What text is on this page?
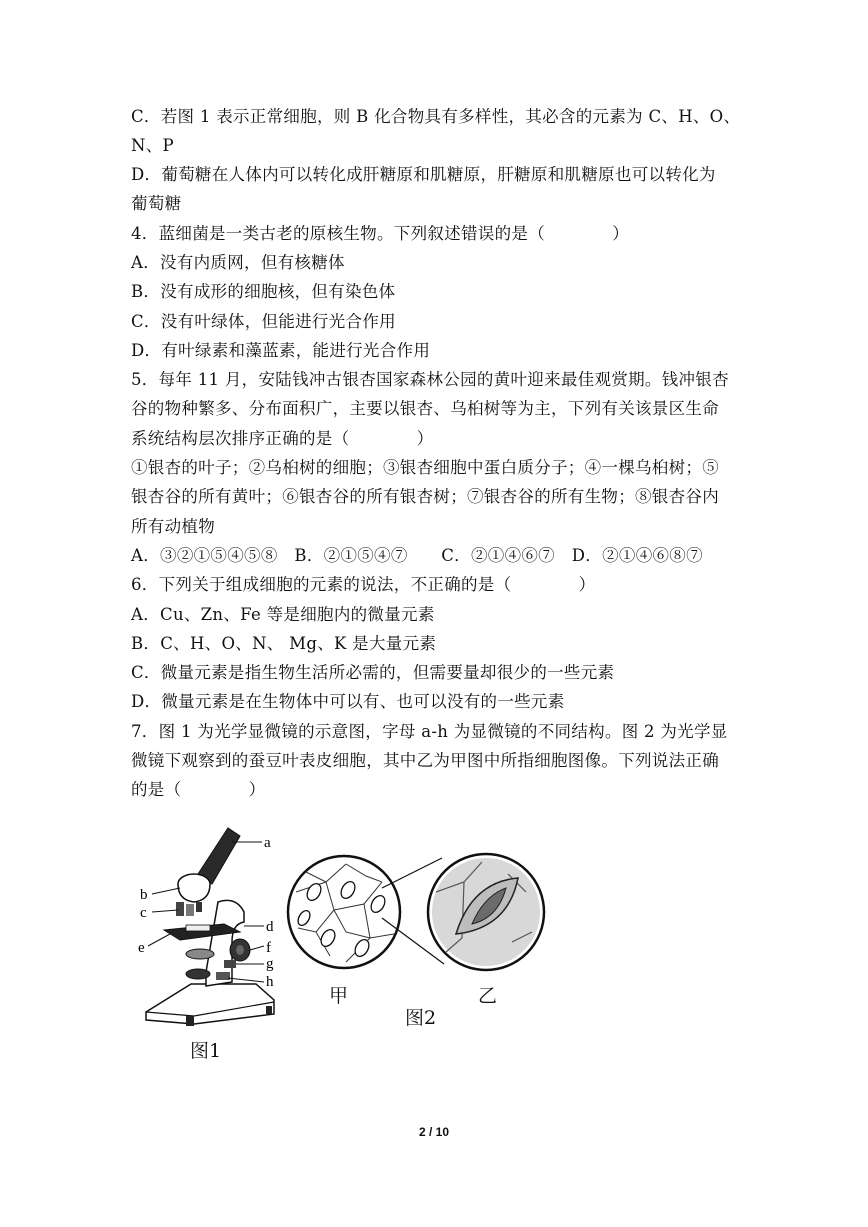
C．若图 1 表示正常细胞，则 B 化合物具有多样性，其必含的元素为 C、H、O、
N、P
D．葡萄糖在人体内可以转化成肝糖原和肌糖原，肝糖原和肌糖原也可以转化为
葡萄糖
4．蓝细菌是一类古老的原核生物。下列叙述错误的是（　　　　）
A．没有内质网，但有核糖体
B．没有成形的细胞核，但有染色体
C．没有叶绿体，但能进行光合作用
D．有叶绿素和藻蓝素，能进行光合作用
5．每年 11 月，安陆钱冲古银杏国家森林公园的黄叶迎来最佳观赏期。钱冲银杏
谷的物种繁多、分布面积广，主要以银杏、乌桕树等为主，下列有关该景区生命
系统结构层次排序正确的是（　　　　）
①银杏的叶子；②乌桕树的细胞；③银杏细胞中蛋白质分子；④一棵乌桕树；⑤
银杏谷的所有黄叶；⑥银杏谷的所有银杏树；⑦银杏谷的所有生物；⑧银杏谷内
所有动植物
A．③②①⑤④⑤⑧　B．②①⑤④⑦　　C．②①④⑥⑦　D．②①④⑥⑧⑦
6．下列关于组成细胞的元素的说法，不正确的是（　　　　）
A．Cu、Zn、Fe 等是细胞内的微量元素
B．C、H、O、N、 Mg、K 是大量元素
C．微量元素是指生物生活所必需的，但需要量却很少的一些元素
D．微量元素是在生物体中可以有、也可以没有的一些元素
7．图 1 为光学显微镜的示意图，字母 a-h 为显微镜的不同结构。图 2 为光学显
微镜下观察到的蚕豆叶表皮细胞，其中乙为甲图中所指细胞图像。下列说法正确
的是（　　　　）
a
b
c
d
e	f
g
h
图1
甲	乙
图2
2 / 10
